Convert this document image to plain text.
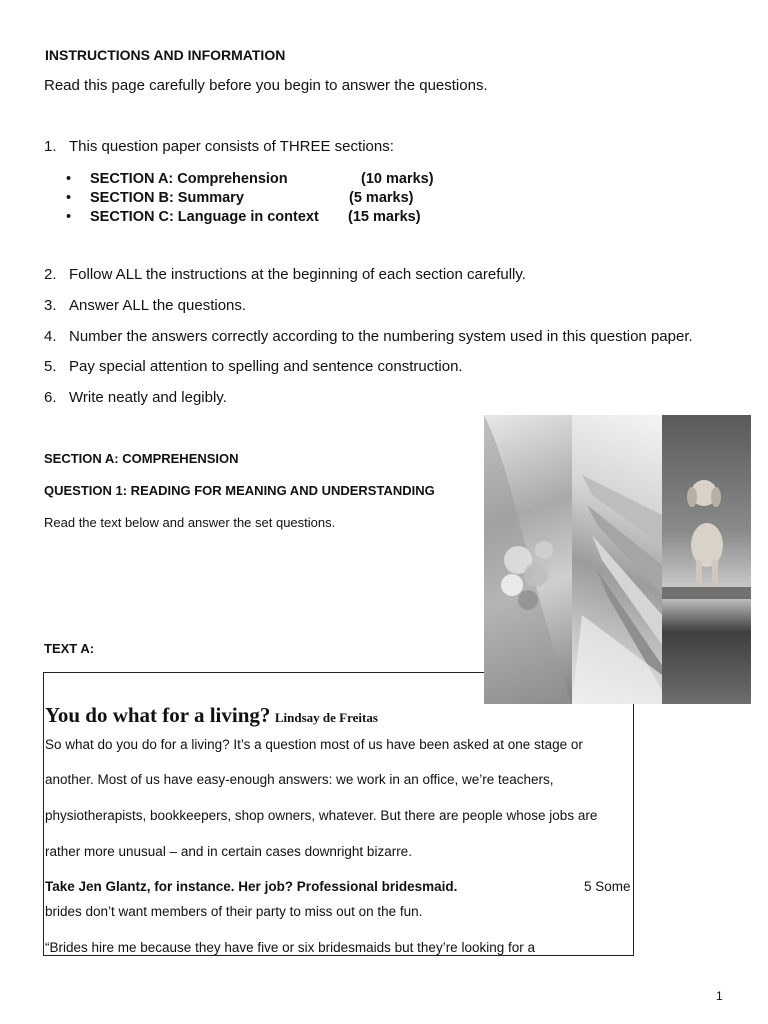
INSTRUCTIONS AND INFORMATION
Read this page carefully before you begin to answer the questions.
1. This question paper consists of THREE sections:
• SECTION A: Comprehension	(10 marks)
• SECTION B: Summary	(5 marks)
• SECTION C: Language in context (15 marks)
2. Follow ALL the instructions at the beginning of each section carefully.
3. Answer ALL the questions.
4. Number the answers correctly according to the numbering system used in this question paper.
5. Pay special attention to spelling and sentence construction.
6. Write neatly and legibly.
SECTION A: COMPREHENSION
QUESTION 1: READING FOR MEANING AND UNDERSTANDING
Read the text below and answer the set questions.
TEXT A:
You do what for a living? Lindsay de Freitas
So what do you do for a living? It’s a question most of us have been asked at one stage or
another. Most of us have easy-enough answers: we work in an office, we’re teachers,
physiotherapists, bookkeepers, shop owners, whatever. But there are people whose jobs are
rather more unusual – and in certain cases downright bizarre.
Take Jen Glantz, for instance. Her job? Professional bridesmaid.	5 Some
brides don’t want members of their party to miss out on the fun.
“Brides hire me because they have five or six bridesmaids but they’re looking for a
1
